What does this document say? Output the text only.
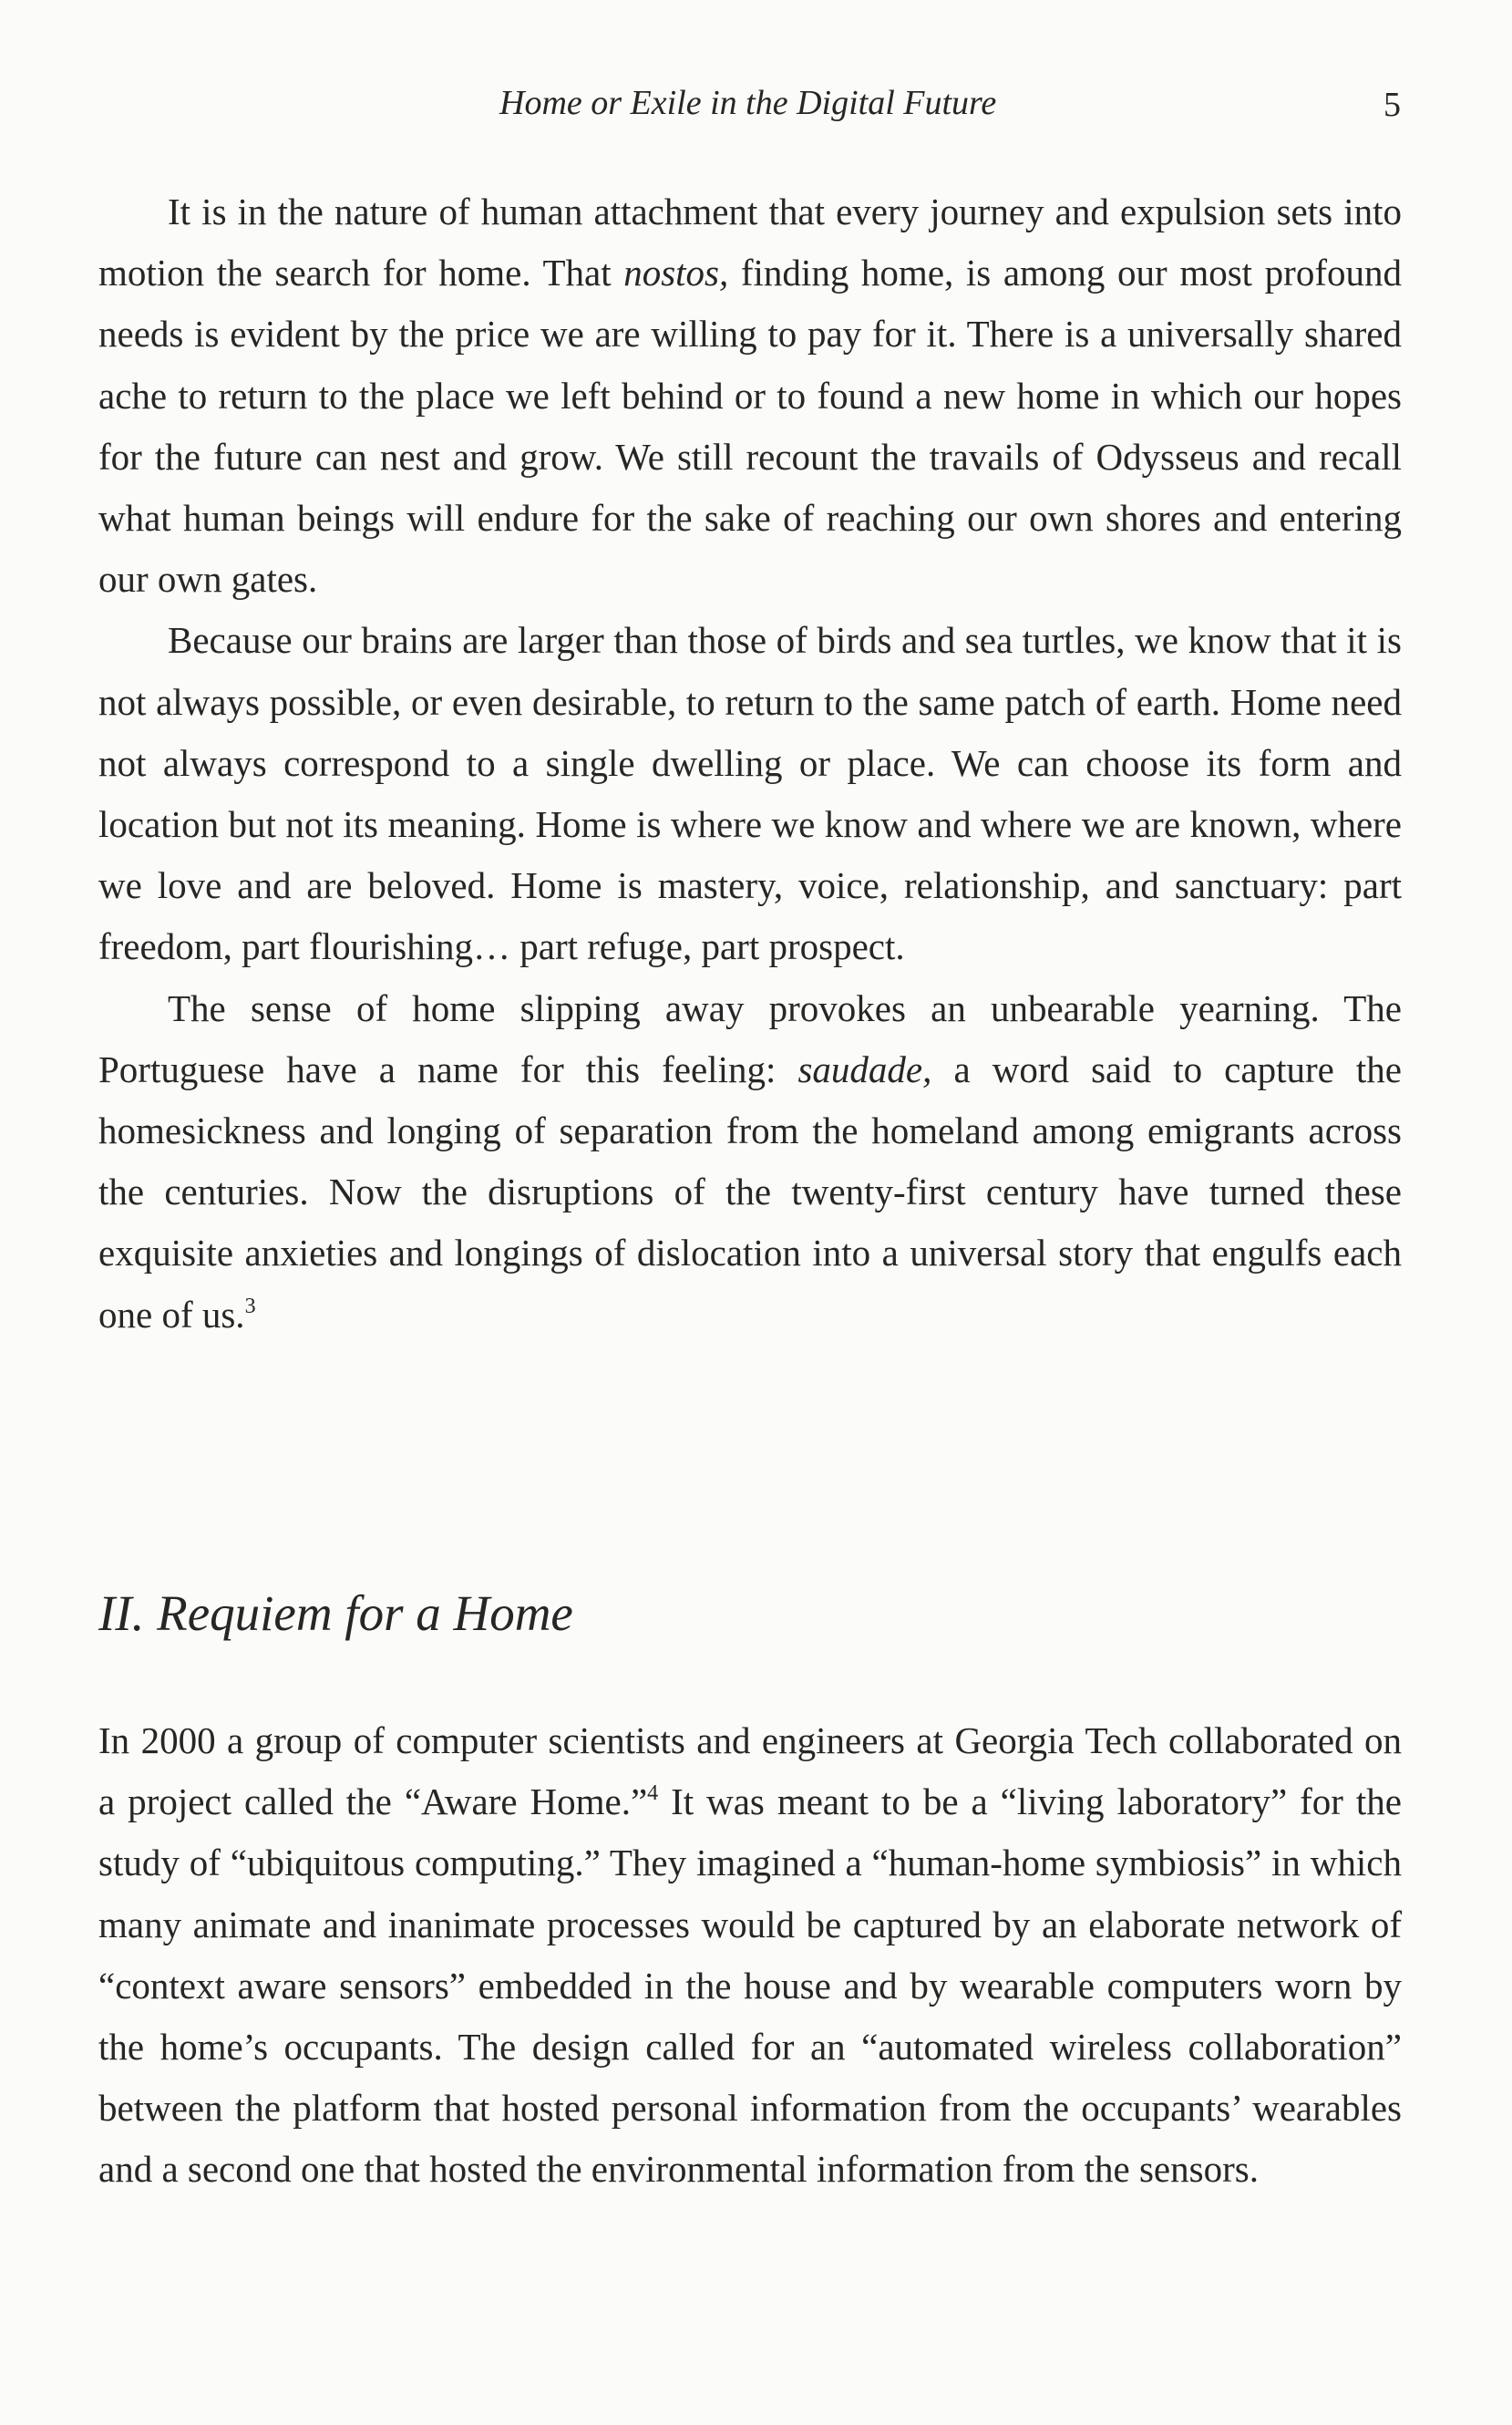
Home or Exile in the Digital Future	5

It is in the nature of human attachment that every journey and expulsion sets into motion the search for home. That nostos, finding home, is among our most profound needs is evident by the price we are willing to pay for it. There is a universally shared ache to return to the place we left behind or to found a new home in which our hopes for the future can nest and grow. We still recount the travails of Odysseus and recall what human beings will endure for the sake of reaching our own shores and entering our own gates.

Because our brains are larger than those of birds and sea turtles, we know that it is not always possible, or even desirable, to return to the same patch of earth. Home need not always correspond to a single dwelling or place. We can choose its form and location but not its meaning. Home is where we know and where we are known, where we love and are beloved. Home is mastery, voice, relationship, and sanctuary: part freedom, part flourishing… part refuge, part prospect.

The sense of home slipping away provokes an unbearable yearning. The Portuguese have a name for this feeling: saudade, a word said to capture the homesickness and longing of separation from the homeland among emigrants across the centuries. Now the disruptions of the twenty-first century have turned these exquisite anxieties and longings of dislocation into a universal story that engulfs each one of us.$^3$

II. Requiem for a Home

In 2000 a group of computer scientists and engineers at Georgia Tech collaborated on a project called the “Aware Home.”$^4$ It was meant to be a “living laboratory” for the study of “ubiquitous computing.” They imagined a “human-home symbiosis” in which many animate and inanimate processes would be captured by an elaborate network of “context aware sensors” embedded in the house and by wearable computers worn by the home’s occupants. The design called for an “automated wireless collaboration” between the platform that hosted personal information from the occupants’ wearables and a second one that hosted the environmental information from the sensors.
